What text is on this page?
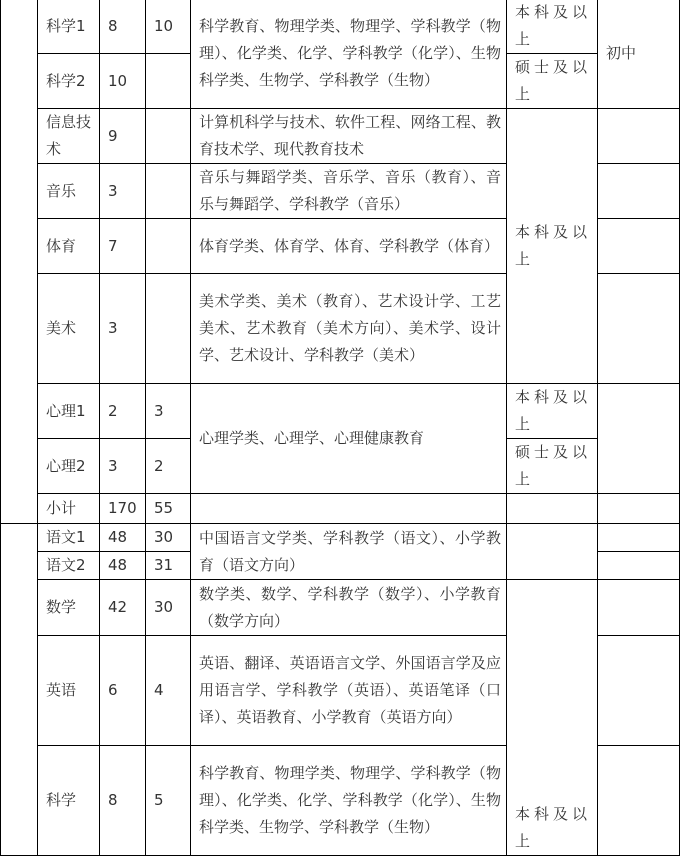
	科学1	8	10	科学教育、物理学类、物理学、学科教学（物理）、化学类、化学、学科教学（化学）、生物科学类、生物学、学科教学（生物）	本科及以上	初中
	科学2	10			硕士及以上	
	信息技术	9		计算机科学与技术、软件工程、网络工程、教育技术学、现代教育技术	本科及以上	
	音乐	3		音乐与舞蹈学类、音乐学、音乐（教育）、音乐与舞蹈学、学科教学（音乐）		
	体育	7		体育学类、体育学、体育、学科教学（体育）		
	美术	3		美术学类、美术（教育）、艺术设计学、工艺美术、艺术教育（美术方向）、美术学、设计学、艺术设计、学科教学（美术）		
	心理1	2	3	心理学类、心理学、心理健康教育	本科及以上	
	心理2	3	2		硕士及以上	
	小计	170	55			
	语文1	48	30	中国语言文学类、学科教学（语文）、小学教育（语文方向）		
	语文2	48	31			
	数学	42	30	数学类、数学、学科教学（数学）、小学教育（数学方向）	本科及以上	
	英语	6	4	英语、翻译、英语语言文学、外国语言学及应用语言学、学科教学（英语）、英语笔译（口译）、英语教育、小学教育（英语方向）		
	科学	8	5	科学教育、物理学类、物理学、学科教学（物理）、化学类、化学、学科教学（化学）、生物科学类、生物学、学科教学（生物）		
